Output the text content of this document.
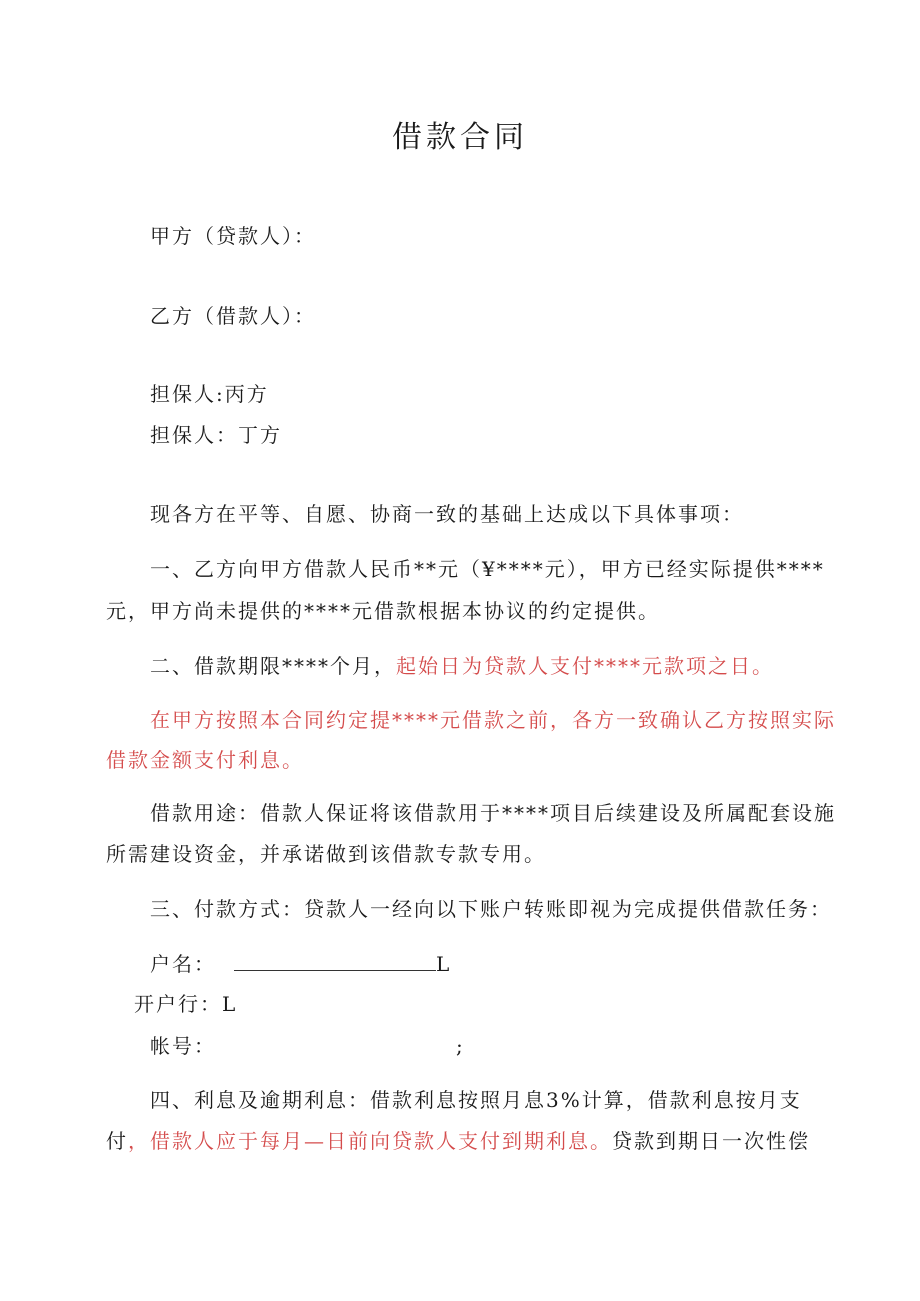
借款合同
甲方（贷款人）：
乙方（借款人）：
担保人:丙方
担保人：丁方
现各方在平等、自愿、协商一致的基础上达成以下具体事项：
一、乙方向甲方借款人民币**元（¥****元），甲方已经实际提供****
元，甲方尚未提供的****元借款根据本协议的约定提供。
二、借款期限****个月，起始日为贷款人支付****元款项之日。
在甲方按照本合同约定提****元借款之前，各方一致确认乙方按照实际
借款金额支付利息。
借款用途：借款人保证将该借款用于****项目后续建设及所属配套设施
所需建设资金，并承诺做到该借款专款专用。
三、付款方式：贷款人一经向以下账户转账即视为完成提供借款任务：
户名：	L
开户行：L
帐号：	;
四、利息及逾期利息：借款利息按照月息3%计算，借款利息按月支
付，借款人应于每月—日前向贷款人支付到期利息。贷款到期日一次性偿
